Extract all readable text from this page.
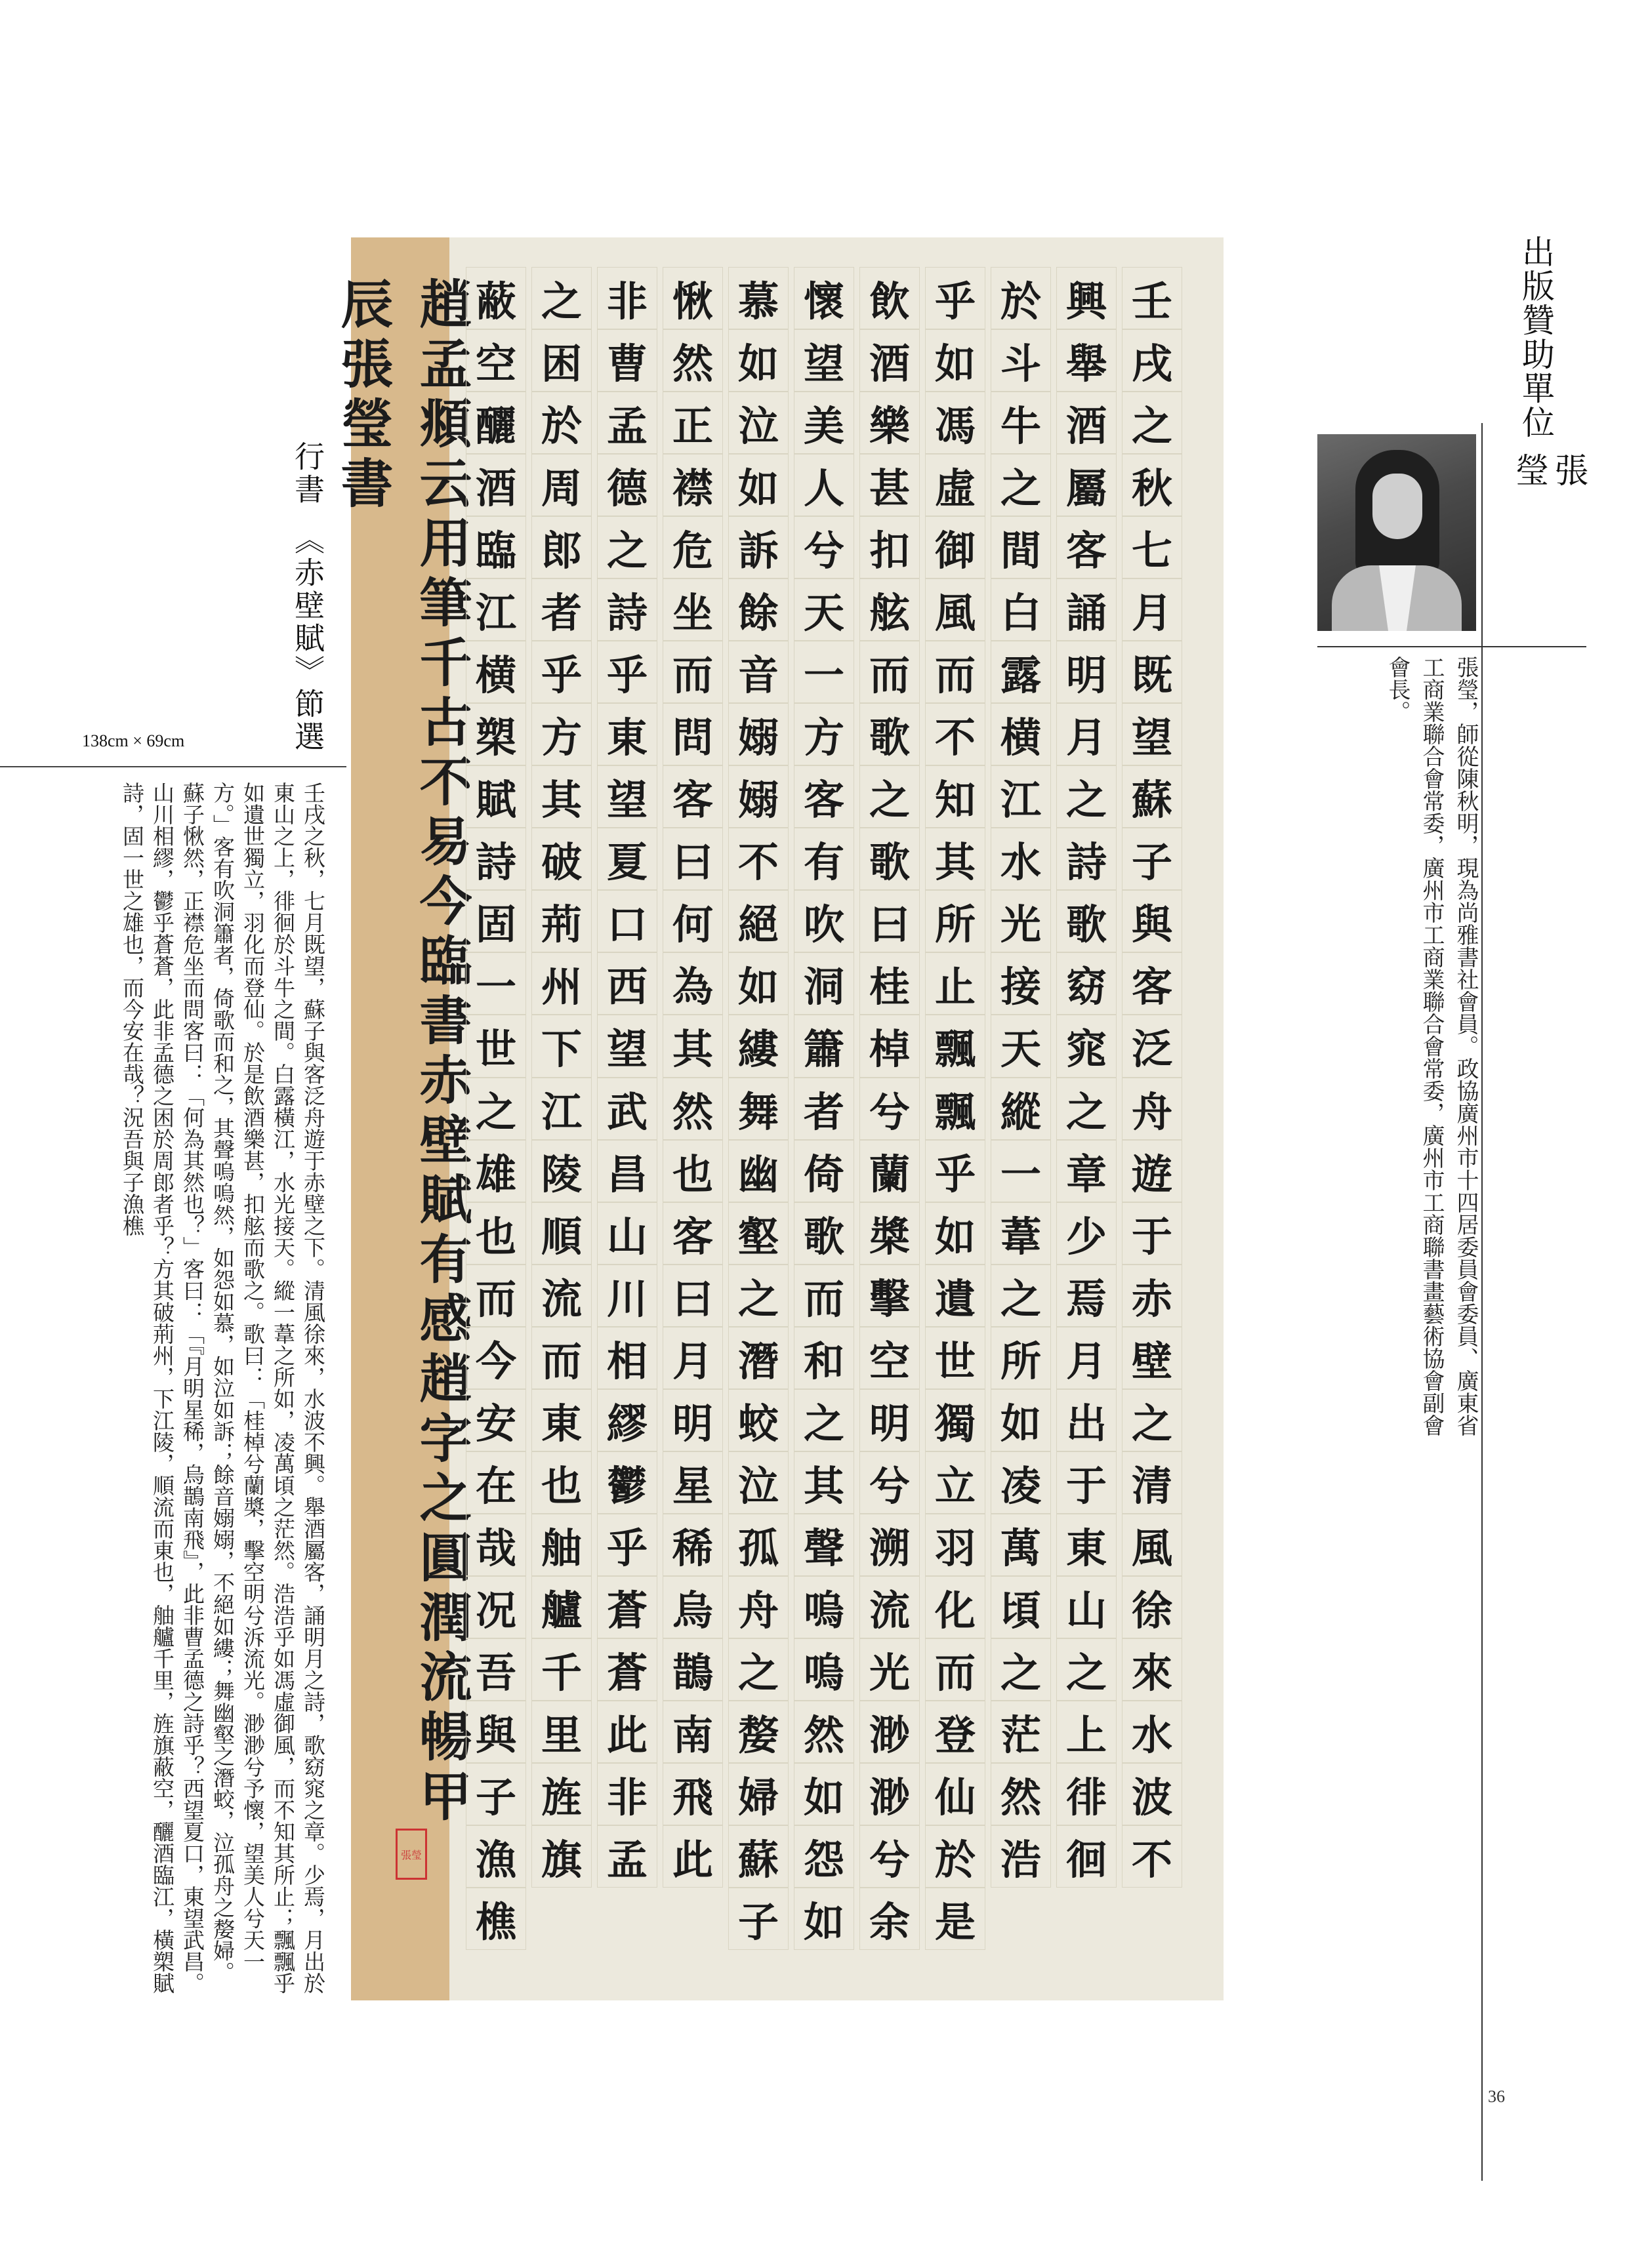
趙孟頫云用筆千古不易今臨書赤壁賦有感趙字之圓潤流暢甲辰張瑩書	壬
戌
之
秋
七
月
既
望
蘇
子
與
客
泛
舟
遊
于
赤
壁
之
清
風
徐
來
水
波
不
興
舉
酒
屬
客
誦
明
月
之
詩
歌
窈
窕
之
章
少
焉
月
出
于
東
山
之
上
徘
徊
於
斗
牛
之
間
白
露
横
江
水
光
接
天
縱
一
葦
之
所
如
凌
萬
頃
之
茫
然
浩
乎
如
馮
虛
御
風
而
不
知
其
所
止
飄
飄
乎
如
遺
世
獨
立
羽
化
而
登
仙
於
是
飲
酒
樂
甚
扣
舷
而
歌
之
歌
曰
桂
棹
兮
蘭
槳
擊
空
明
兮
溯
流
光
渺
渺
兮
余
懷
望
美
人
兮
天
一
方
客
有
吹
洞
簫
者
倚
歌
而
和
之
其
聲
嗚
嗚
然
如
怨
如
慕
如
泣
如
訴
餘
音
嫋
嫋
不
絕
如
縷
舞
幽
壑
之
潛
蛟
泣
孤
舟
之
嫠
婦
蘇
子
愀
然
正
襟
危
坐
而
問
客
曰
何
為
其
然
也
客
曰
月
明
星
稀
烏
鵲
南
飛
此
非
曹
孟
德
之
詩
乎
東
望
夏
口
西
望
武
昌
山
川
相
繆
鬱
乎
蒼
蒼
此
非
孟
之
困
於
周
郎
者
乎
方
其
破
荊
州
下
江
陵
順
流
而
東
也
舳
艫
千
里
旌
旗
蔽
空
釃
酒
臨
江
横
槊
賦
詩
固
一
世
之
雄
也
而
今
安
在
哉
况
吾
與
子
漁
樵
張瑩
行書　《赤壁賦》節選
138cm × 69cm
壬戌之秋，七月既望，蘇子與客泛舟遊于赤壁之下。清風徐來，水波不興。舉酒屬客，誦明月之詩，歌窈窕之章。少焉，月出於東山之上，徘徊於斗牛之間。白露橫江，水光接天。縱一葦之所如，凌萬頃之茫然。浩浩乎如馮虛御風，而不知其所止；飄飄乎如遺世獨立，羽化而登仙。於是飲酒樂甚，扣舷而歌之。歌曰：「桂棹兮蘭槳，擊空明兮泝流光。渺渺兮予懷，望美人兮天一方。」客有吹洞簫者，倚歌而和之，其聲嗚嗚然，如怨如慕，如泣如訴；餘音嫋嫋，不絕如縷；舞幽壑之潛蛟，泣孤舟之嫠婦。蘇子愀然，正襟危坐而問客曰：「何為其然也？」客曰：「『月明星稀，烏鵲南飛』，此非曹孟德之詩乎？西望夏口，東望武昌。山川相繆，鬱乎蒼蒼，此非孟德之困於周郎者乎？方其破荊州，下江陵，順流而東也，舳艫千里，旌旗蔽空，釃酒臨江，橫槊賦詩，固一世之雄也，而今安在哉？況吾與子漁樵
出版贊助單位
張瑩
張瑩，師從陳秋明，現為尚雅書社會員。政協廣州市十四居委員會委員、廣東省工商業聯合會常委，廣州市工商業聯合會常委，廣州市工商聯書畫藝術協會副會會長。
36
